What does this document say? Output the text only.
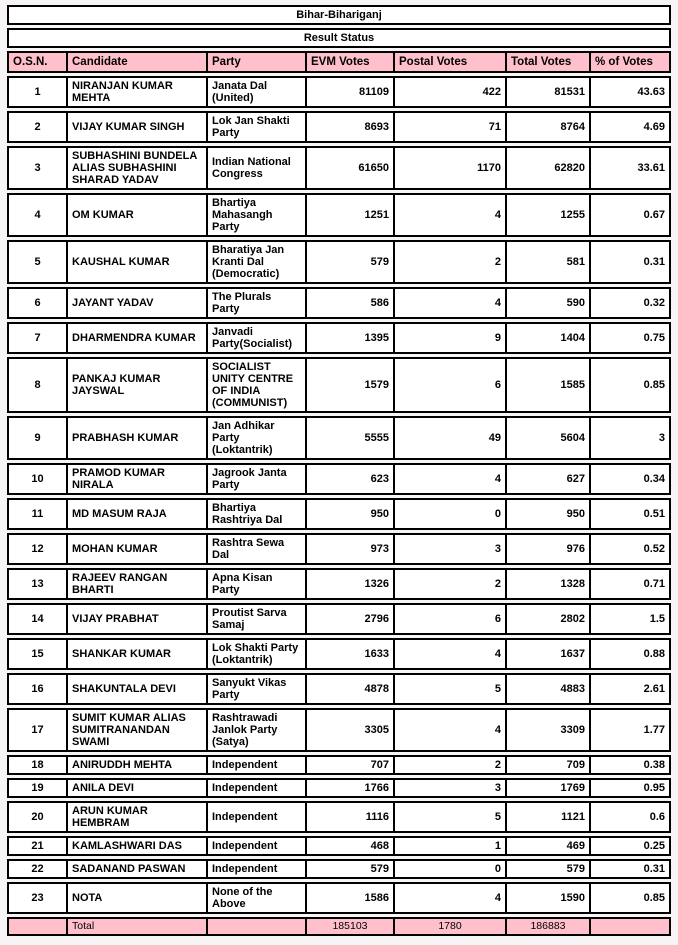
Bihar-Bihariganj						
Result Status						
O.S.N.	Candidate	Party	EVM Votes	Postal Votes	Total Votes	% of Votes
1	NIRANJAN KUMAR MEHTA	Janata Dal (United)	81109	422	81531	43.63
2	VIJAY KUMAR SINGH	Lok Jan Shakti Party	8693	71	8764	4.69
3	SUBHASHINI BUNDELA ALIAS SUBHASHINI SHARAD YADAV	Indian National Congress	61650	1170	62820	33.61
4	OM KUMAR	Bhartiya Mahasangh Party	1251	4	1255	0.67
5	KAUSHAL KUMAR	Bharatiya Jan Kranti Dal (Democratic)	579	2	581	0.31
6	JAYANT YADAV	The Plurals Party	586	4	590	0.32
7	DHARMENDRA KUMAR	Janvadi Party(Socialist)	1395	9	1404	0.75
8	PANKAJ KUMAR JAYSWAL	SOCIALIST UNITY CENTRE OF INDIA (COMMUNIST)	1579	6	1585	0.85
9	PRABHASH KUMAR	Jan Adhikar Party (Loktantrik)	5555	49	5604	3
10	PRAMOD KUMAR NIRALA	Jagrook Janta Party	623	4	627	0.34
11	MD MASUM RAJA	Bhartiya Rashtriya Dal	950	0	950	0.51
12	MOHAN KUMAR	Rashtra Sewa Dal	973	3	976	0.52
13	RAJEEV RANGAN BHARTI	Apna Kisan Party	1326	2	1328	0.71
14	VIJAY PRABHAT	Proutist Sarva Samaj	2796	6	2802	1.5
15	SHANKAR KUMAR	Lok Shakti Party (Loktantrik)	1633	4	1637	0.88
16	SHAKUNTALA DEVI	Sanyukt Vikas Party	4878	5	4883	2.61
17	SUMIT KUMAR ALIAS SUMITRANANDAN SWAMI	Rashtrawadi Janlok Party (Satya)	3305	4	3309	1.77
18	ANIRUDDH MEHTA	Independent	707	2	709	0.38
19	ANILA DEVI	Independent	1766	3	1769	0.95
20	ARUN KUMAR HEMBRAM	Independent	1116	5	1121	0.6
21	KAMLASHWARI DAS	Independent	468	1	469	0.25
22	SADANAND PASWAN	Independent	579	0	579	0.31
23	NOTA	None of the Above	1586	4	1590	0.85
	Total		185103	1780	186883	
